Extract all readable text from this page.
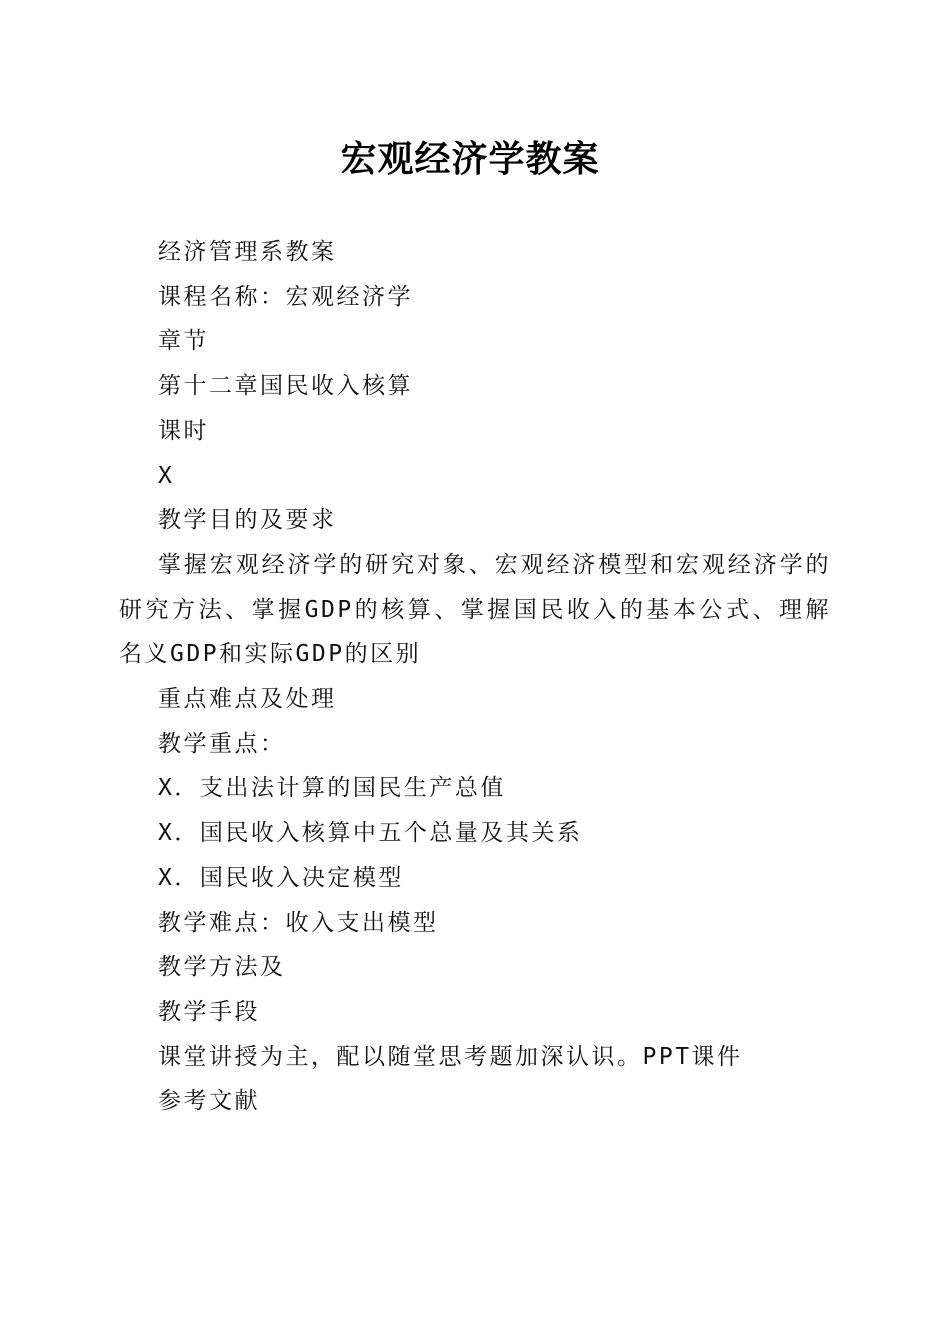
宏观经济学教案

经济管理系教案

课程名称：宏观经济学

章节

第十二章国民收入核算

课时

X

教学目的及要求

掌握宏观经济学的研究对象、宏观经济模型和宏观经济学的研究方法、掌握GDP的核算、掌握国民收入的基本公式、理解名义GDP和实际GDP的区别

重点难点及处理

教学重点：

X．支出法计算的国民生产总值

X．国民收入核算中五个总量及其关系

X．国民收入决定模型

教学难点：收入支出模型

教学方法及

教学手段

课堂讲授为主，配以随堂思考题加深认识。PPT课件

参考文献
